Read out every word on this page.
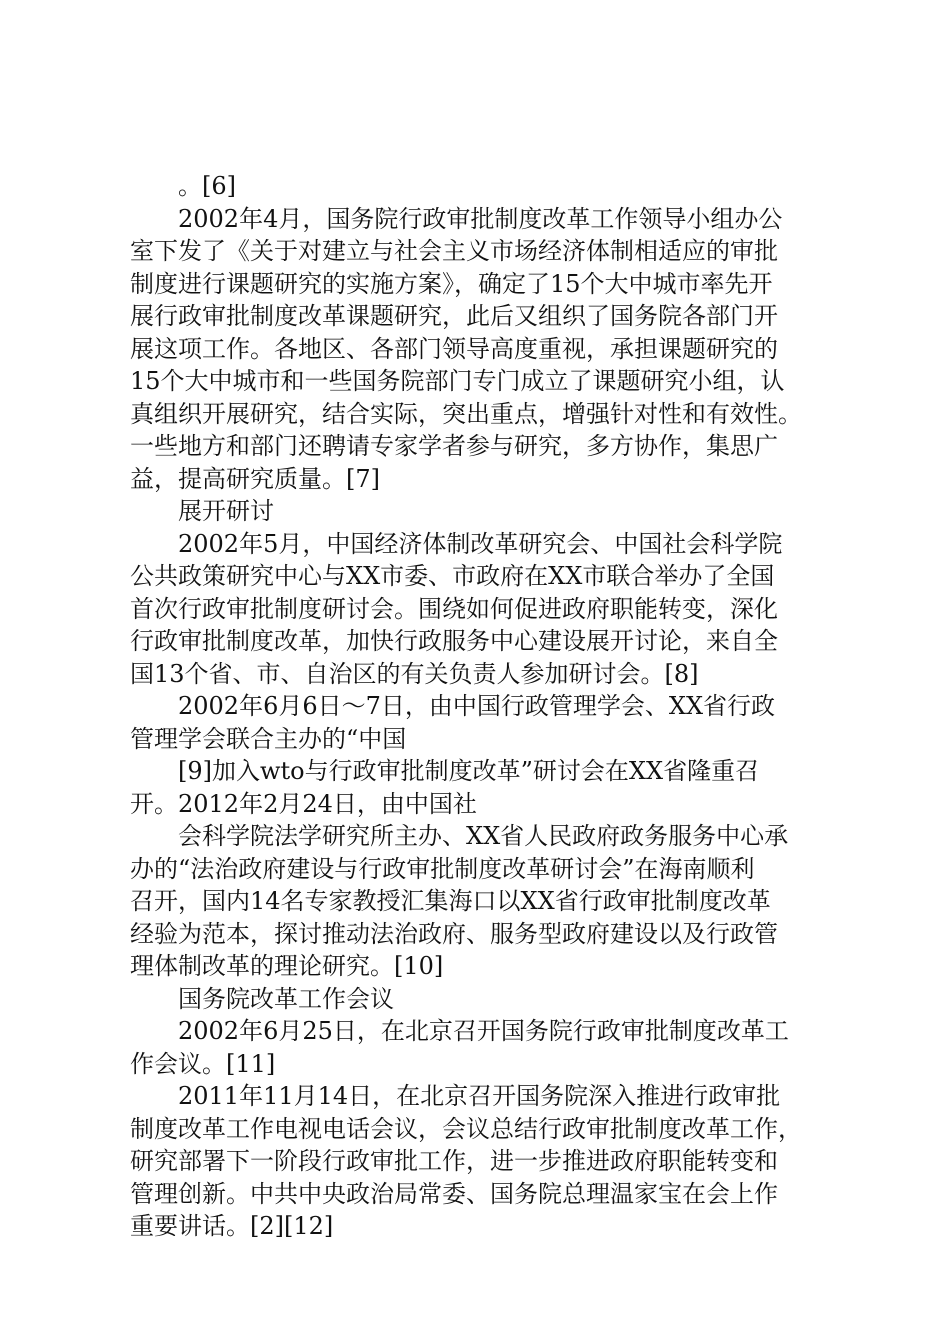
。[6]
2002年4月，国务院行政审批制度改革工作领导小组办公
室下发了《关于对建立与社会主义市场经济体制相适应的审批
制度进行课题研究的实施方案》，确定了15个大中城市率先开
展行政审批制度改革课题研究，此后又组织了国务院各部门开
展这项工作。各地区、各部门领导高度重视，承担课题研究的
15个大中城市和一些国务院部门专门成立了课题研究小组，认
真组织开展研究，结合实际，突出重点，增强针对性和有效性。
一些地方和部门还聘请专家学者参与研究，多方协作，集思广
益，提高研究质量。[7]
展开研讨
2002年5月，中国经济体制改革研究会、中国社会科学院
公共政策研究中心与XX市委、市政府在XX市联合举办了全国
首次行政审批制度研讨会。围绕如何促进政府职能转变，深化
行政审批制度改革，加快行政服务中心建设展开讨论，来自全
国13个省、市、自治区的有关负责人参加研讨会。[8]
2002年6月6日～7日，由中国行政管理学会、XX省行政
管理学会联合主办的“中国
[9]加入wto与行政审批制度改革”研讨会在XX省隆重召
开。2012年2月24日，由中国社
会科学院法学研究所主办、XX省人民政府政务服务中心承
办的“法治政府建设与行政审批制度改革研讨会”在海南顺利
召开，国内14名专家教授汇集海口以XX省行政审批制度改革
经验为范本，探讨推动法治政府、服务型政府建设以及行政管
理体制改革的理论研究。[10]
国务院改革工作会议
2002年6月25日，在北京召开国务院行政审批制度改革工
作会议。[11]
2011年11月14日，在北京召开国务院深入推进行政审批
制度改革工作电视电话会议，会议总结行政审批制度改革工作，
研究部署下一阶段行政审批工作，进一步推进政府职能转变和
管理创新。中共中央政治局常委、国务院总理温家宝在会上作
重要讲话。[2][12]
